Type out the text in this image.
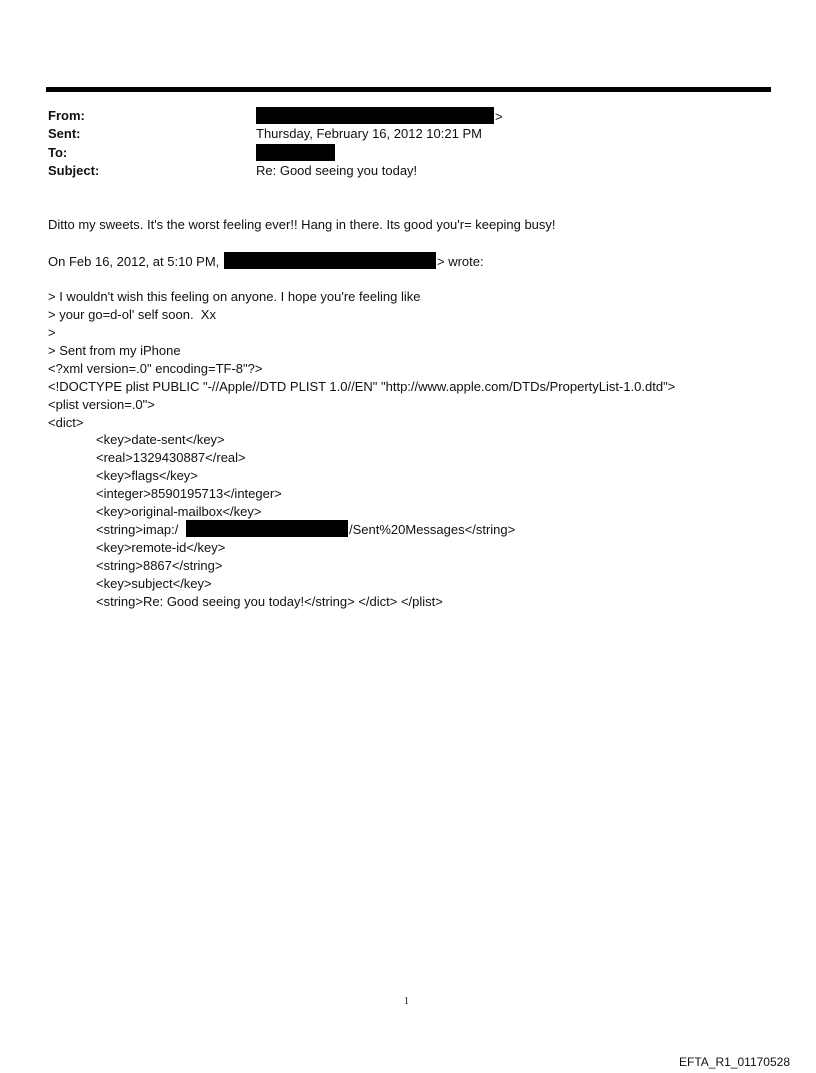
From:	>
Sent:	Thursday, February 16, 2012 10:21 PM
To:
Subject:	Re: Good seeing you today!
Ditto my sweets. It's the worst feeling ever!! Hang in there. Its good you'r= keeping busy!
On Feb 16, 2012, at 5:10 PM,	> wrote:
> I wouldn't wish this feeling on anyone. I hope you're feeling like
> your go=d-ol' self soon.  Xx
>
> Sent from my iPhone
<?xml version=.0" encoding=TF-8"?>
<!DOCTYPE plist PUBLIC "-//Apple//DTD PLIST 1.0//EN" "http://www.apple.com/DTDs/PropertyList-1.0.dtd">
<plist version=.0">
<dict>
<key>date-sent</key>
<real>1329430887</real>
<key>flags</key>
<integer>8590195713</integer>
<key>original-mailbox</key>
<string>imap:/	/Sent%20Messages</string>
<key>remote-id</key>
<string>8867</string>
<key>subject</key>
<string>Re: Good seeing you today!</string> </dict> </plist>
1
EFTA_R1_01170528
